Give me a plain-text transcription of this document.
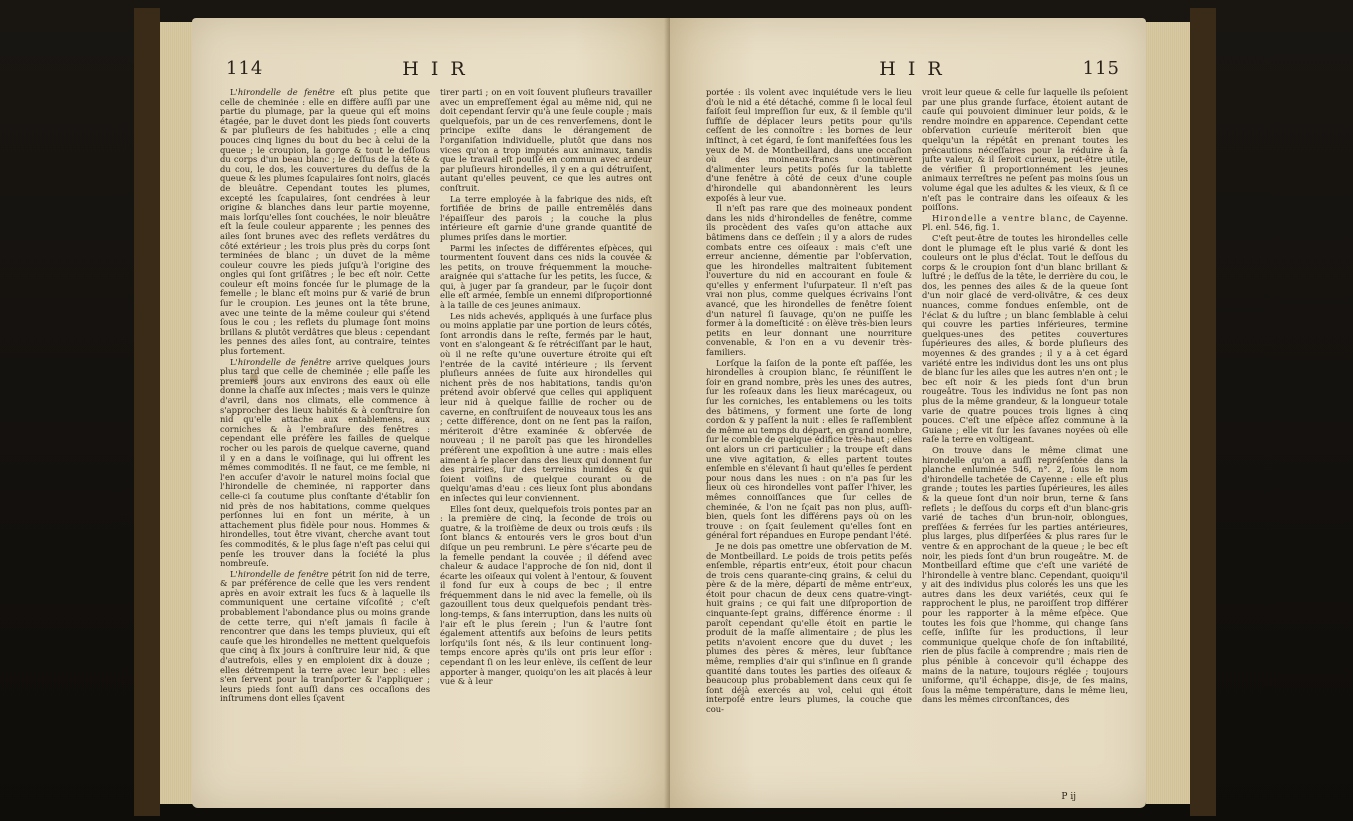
114	H I R

L'hirondelle de fenêtre eſt plus petite que celle de cheminée : elle en diffère auſſi par une partie du plumage, par la queue qui eſt moins étagée, par le duvet dont les pieds ſont couverts & par pluſieurs de ſes habitudes ; elle a cinq pouces cinq lignes du bout du bec à celui de la queue ; le croupion, la gorge & tout le deſſous du corps d'un beau blanc ; le deſſus de la tête & du cou, le dos, les couvertures du deſſus de la queue & les plumes ſcapulaires ſont noirs, glacés de bleuâtre. Cependant toutes les plumes, excepté les ſcapulaires, ſont cendrées à leur origine & blanches dans leur partie moyenne, mais lorſqu'elles ſont couchées, le noir bleuâtre eſt la ſeule couleur apparente ; les pennes des ailes ſont brunes avec des reflets verdâtres du côté extérieur ; les trois plus près du corps ſont terminées de blanc ; un duvet de la même couleur couvre les pieds juſqu'à l'origine des ongles qui ſont griſâtres ; le bec eſt noir. Cette couleur eſt moins foncée ſur le plumage de la femelle ; le blanc eſt moins pur & varié de brun ſur le croupion. Les jeunes ont la tête brune, avec une teinte de la même couleur qui s'étend ſous le cou ; les reflets du plumage ſont moins brillans & plutôt verdâtres que bleus : cependant les pennes des ailes ſont, au contraire, teintes plus fortement.

L'hirondelle de fenêtre arrive quelques jours plus tard que celle de cheminée ; elle paſſe les premiers jours aux environs des eaux où elle donne la chaſſe aux inſectes ; mais vers le quinze d'avril, dans nos climats, elle commence à s'approcher des lieux habités & à conſtruire ſon nid qu'elle attache aux entablemens, aux corniches & à l'embraſure des fenêtres : cependant elle préfère les failles de quelque rocher ou les parois de quelque caverne, quand il y en a dans le voiſinage, qui lui offrent les mêmes commodités. Il ne faut, ce me ſemble, ni l'en accuſer d'avoir le naturel moins ſocial que l'hirondelle de cheminée, ni rapporter dans celle-ci ſa coutume plus conſtante d'établir ſon nid près de nos habitations, comme quelques perſonnes lui en font un mérite, à un attachement plus fidèle pour nous. Hommes & hirondelles, tout être vivant, cherche avant tout ſes commodités, & le plus ſage n'eſt pas celui qui penſe les trouver dans la ſociété la plus nombreuſe.

L'hirondelle de fenêtre pétrit ſon nid de terre, & par préférence de celle que les vers rendent après en avoir extrait les ſucs & à laquelle ils communiquent une certaine viſcoſité ; c'eſt probablement l'abondance plus ou moins grande de cette terre, qui n'eſt jamais ſi facile à rencontrer que dans les temps pluvieux, qui eſt cauſe que les hirondelles ne mettent quelquefois que cinq à ſix jours à conſtruire leur nid, & que d'autrefois, elles y en emploient dix à douze ; elles détrempent la terre avec leur bec : elles s'en ſervent pour la tranſporter & l'appliquer ; leurs pieds ſont auſſi dans ces occaſions des inſtrumens dont elles ſçavent

tirer parti ; on en voit ſouvent pluſieurs travailler avec un empreſſement égal au même nid, qui ne doit cependant ſervir qu'à une ſeule couple ; mais quelquefois, par un de ces renverſemens, dont le principe exiſte dans le dérangement de l'organiſation individuelle, plutôt que dans nos vices qu'on a trop imputés aux animaux, tandis que le travail eſt pouſſé en commun avec ardeur par pluſieurs hirondelles, il y en a qui détruiſent, autant qu'elles peuvent, ce que les autres ont conſtruit.

La terre employée à la fabrique des nids, eſt fortifiée de brins de paille entremêlés dans l'épaiſſeur des parois ; la couche la plus intérieure eſt garnie d'une grande quantité de plumes priſes dans le mortier.

Parmi les inſectes de différentes eſpèces, qui tourmentent ſouvent dans ces nids la couvée & les petits, on trouve fréquemment la mouche-araignée qui s'attache ſur les petits, les ſucce, & qui, à juger par ſa grandeur, par le ſuçoir dont elle eſt armée, ſemble un ennemi diſproportionné à la taille de ces jeunes animaux.

Les nids achevés, appliqués à une ſurface plus ou moins applatie par une portion de leurs côtés, ſont arrondis dans le reſte, fermés par le haut, vont en s'alongeant & ſe rétréciſſant par le haut, où il ne reſte qu'une ouverture étroite qui eſt l'entrée de la cavité intérieure ; ils ſervent pluſieurs années de ſuite aux hirondelles qui nichent près de nos habitations, tandis qu'on prétend avoir obſervé que celles qui appliquent leur nid à quelque faillie de rocher ou de caverne, en conſtruiſent de nouveaux tous les ans ; cette différence, dont on ne ſent pas la raiſon, mériteroit d'être examinée & obſervée de nouveau ; il ne paroît pas que les hirondelles préfèrent une expoſition à une autre : mais elles aiment à ſe placer dans des lieux qui donnent ſur des prairies, ſur des terreins humides & qui ſoient voiſins de quelque courant ou de quelqu'amas d'eau : ces lieux ſont plus abondans en inſectes qui leur conviennent.

Elles ſont deux, quelquefois trois pontes par an : la première de cinq, la ſeconde de trois ou quatre, & la troiſième de deux ou trois œufs : ils ſont blancs & entourés vers le gros bout d'un diſque un peu rembruni. Le père s'écarte peu de la femelle pendant la couvée ; il défend avec chaleur & audace l'approche de ſon nid, dont il écarte les oiſeaux qui volent à l'entour, & ſouvent il fond ſur eux à coups de bec ; il entre fréquemment dans le nid avec la femelle, où ils gazouillent tous deux quelquefois pendant très-long-temps, & ſans interruption, dans les nuits où l'air eſt le plus ſerein ; l'un & l'autre ſont également attentifs aux beſoins de leurs petits lorſqu'ils ſont nés, & ils leur continuent long-temps encore après qu'ils ont pris leur eſſor : cependant ſi on les leur enlève, ils ceſſent de leur apporter à manger, quoiqu'on les ait placés à leur vue & à leur

H I R	115

portée : ils volent avec inquiétude vers le lieu d'où le nid a été détaché, comme ſi le local ſeul faiſoit ſeul impreſſion ſur eux, & il ſemble qu'il ſuffiſe de déplacer leurs petits pour qu'ils ceſſent de les connoître : les bornes de leur inſtinct, à cet égard, ſe ſont manifeſtées ſous les yeux de M. de Montbeillard, dans une occaſion où des moineaux-francs continuèrent d'alimenter leurs petits poſés ſur la tablette d'une fenêtre à côté de ceux d'une couple d'hirondelle qui abandonnèrent les leurs expoſés à leur vue.

Il n'eſt pas rare que des moineaux pondent dans les nids d'hirondelles de fenêtre, comme ils procèdent des vaſes qu'on attache aux bâtimens dans ce deſſein ; il y a alors de rudes combats entre ces oiſeaux : mais c'eſt une erreur ancienne, démentie par l'obſervation, que les hirondelles maltraitent ſubitement l'ouverture du nid en accourant en foule & qu'elles y enferment l'uſurpateur. Il n'eſt pas vrai non plus, comme quelques écrivains l'ont avancé, que les hirondelles de fenêtre ſoient d'un naturel ſi ſauvage, qu'on ne puiſſe les former à la domeſticité : on élève très-bien leurs petits en leur donnant une nourriture convenable, & l'on en a vu devenir très-familiers.

Lorſque la ſaiſon de la ponte eſt paſſée, les hirondelles à croupion blanc, ſe réuniſſent le ſoir en grand nombre, près les unes des autres, ſur les roſeaux dans les lieux marécageux, ou ſur les corniches, les entablemens ou les toits des bâtimens, y forment une ſorte de long cordon & y paſſent la nuit : elles ſe raſſemblent de même au temps du départ, en grand nombre, ſur le comble de quelque édifice très-haut ; elles ont alors un cri particulier ; la troupe eſt dans une vive agitation, & elles partent toutes enſemble en s'élevant ſi haut qu'elles ſe perdent pour nous dans les nues : on n'a pas ſur les lieux où ces hirondelles vont paſſer l'hiver, les mêmes connoiſſances que ſur celles de cheminée, & l'on ne ſçait pas non plus, auſſi-bien, quels ſont les différens pays où on les trouve : on ſçait ſeulement qu'elles ſont en général fort répandues en Europe pendant l'été.

Je ne dois pas omettre une obſervation de M. de Montbeillard. Le poids de trois petits peſés enſemble, répartis entr'eux, étoit pour chacun de trois cens quarante-cinq grains, & celui du père & de la mère, départi de même entr'eux, étoit pour chacun de deux cens quatre-vingt-huit grains ; ce qui fait une diſproportion de cinquante-ſept grains, différence énorme : il paroît cependant qu'elle étoit en partie le produit de la maſſe alimentaire ; de plus les petits n'avoient encore que du duvet ; les plumes des pères & mères, leur ſubſtance même, remplies d'air qui s'inſinue en ſi grande quantité dans toutes les parties des oiſeaux & beaucoup plus probablement dans ceux qui ſe ſont déjà exercés au vol, celui qui étoit interpoſé entre leurs plumes, la couche que cou-

vroit leur queue & celle ſur laquelle ils peſoient par une plus grande ſurface, étoient autant de cauſe qui pouvoient diminuer leur poids, & le rendre moindre en apparence. Cependant cette obſervation curieuſe mériteroit bien que quelqu'un la répétât en prenant toutes les précautions néceſſaires pour la réduire à ſa juſte valeur, & il ſeroit curieux, peut-être utile, de vérifier ſi proportionnément les jeunes animaux terreſtres ne peſent pas moins ſous un volume égal que les adultes & les vieux, & ſi ce n'eſt pas le contraire dans les oiſeaux & les poiſſons.

Hirondelle a ventre blanc, de Cayenne. Pl. enl. 546, fig. 1.

C'eſt peut-être de toutes les hirondelles celle dont le plumage eſt le plus varié & dont les couleurs ont le plus d'éclat. Tout le deſſous du corps & le croupion ſont d'un blanc brillant & luſtré ; le deſſus de la tête, le derrière du cou, le dos, les pennes des ailes & de la queue ſont d'un noir glacé de verd-olivâtre, & ces deux nuances, comme fondues enſemble, ont de l'éclat & du luſtre ; un blanc ſemblable à celui qui couvre les parties inférieures, termine quelques-unes des petites couvertures ſupérieures des ailes, & borde pluſieurs des moyennes & des grandes ; il y a à cet égard variété entre les individus dont les uns ont plus de blanc ſur les ailes que les autres n'en ont ; le bec eſt noir & les pieds ſont d'un brun rougeâtre. Tous les individus ne ſont pas non plus de la même grandeur, & la longueur totale varie de quatre pouces trois lignes à cinq pouces. C'eſt une eſpèce aſſez commune à la Guiane ; elle vit ſur les ſavanes noyées où elle raſe la terre en voltigeant.

On trouve dans le même climat une hirondelle qu'on a auſſi repréſentée dans la planche enluminée 546, n°. 2, ſous le nom d'hirondelle tachetée de Cayenne : elle eſt plus grande ; toutes les parties ſupérieures, les ailes & la queue ſont d'un noir brun, terne & ſans reflets ; le deſſous du corps eſt d'un blanc-gris varié de taches d'un brun-noir, oblongues, preſſées & ferrées ſur les parties antérieures, plus larges, plus diſperſées & plus rares ſur le ventre & en approchant de la queue ; le bec eſt noir, les pieds ſont d'un brun rougeâtre. M. de Montbeillard eſtime que c'eſt une variété de l'hirondelle à ventre blanc. Cependant, quoiqu'il y ait des individus plus colorés les uns que les autres dans les deux variétés, ceux qui ſe rapprochent le plus, ne paroiſſent trop différer pour les rapporter à la même eſpèce. Que toutes les fois que l'homme, qui change ſans ceſſe, inſiſte ſur les productions, il leur communique quelque choſe de ſon inſtabilité, rien de plus facile à comprendre ; mais rien de plus pénible à concevoir qu'il échappe des mains de la nature, toujours réglée ; toujours uniforme, qu'il échappe, dis-je, de ſes mains, ſous la même température, dans le même lieu, dans les mêmes circonſtances, des

P ij
